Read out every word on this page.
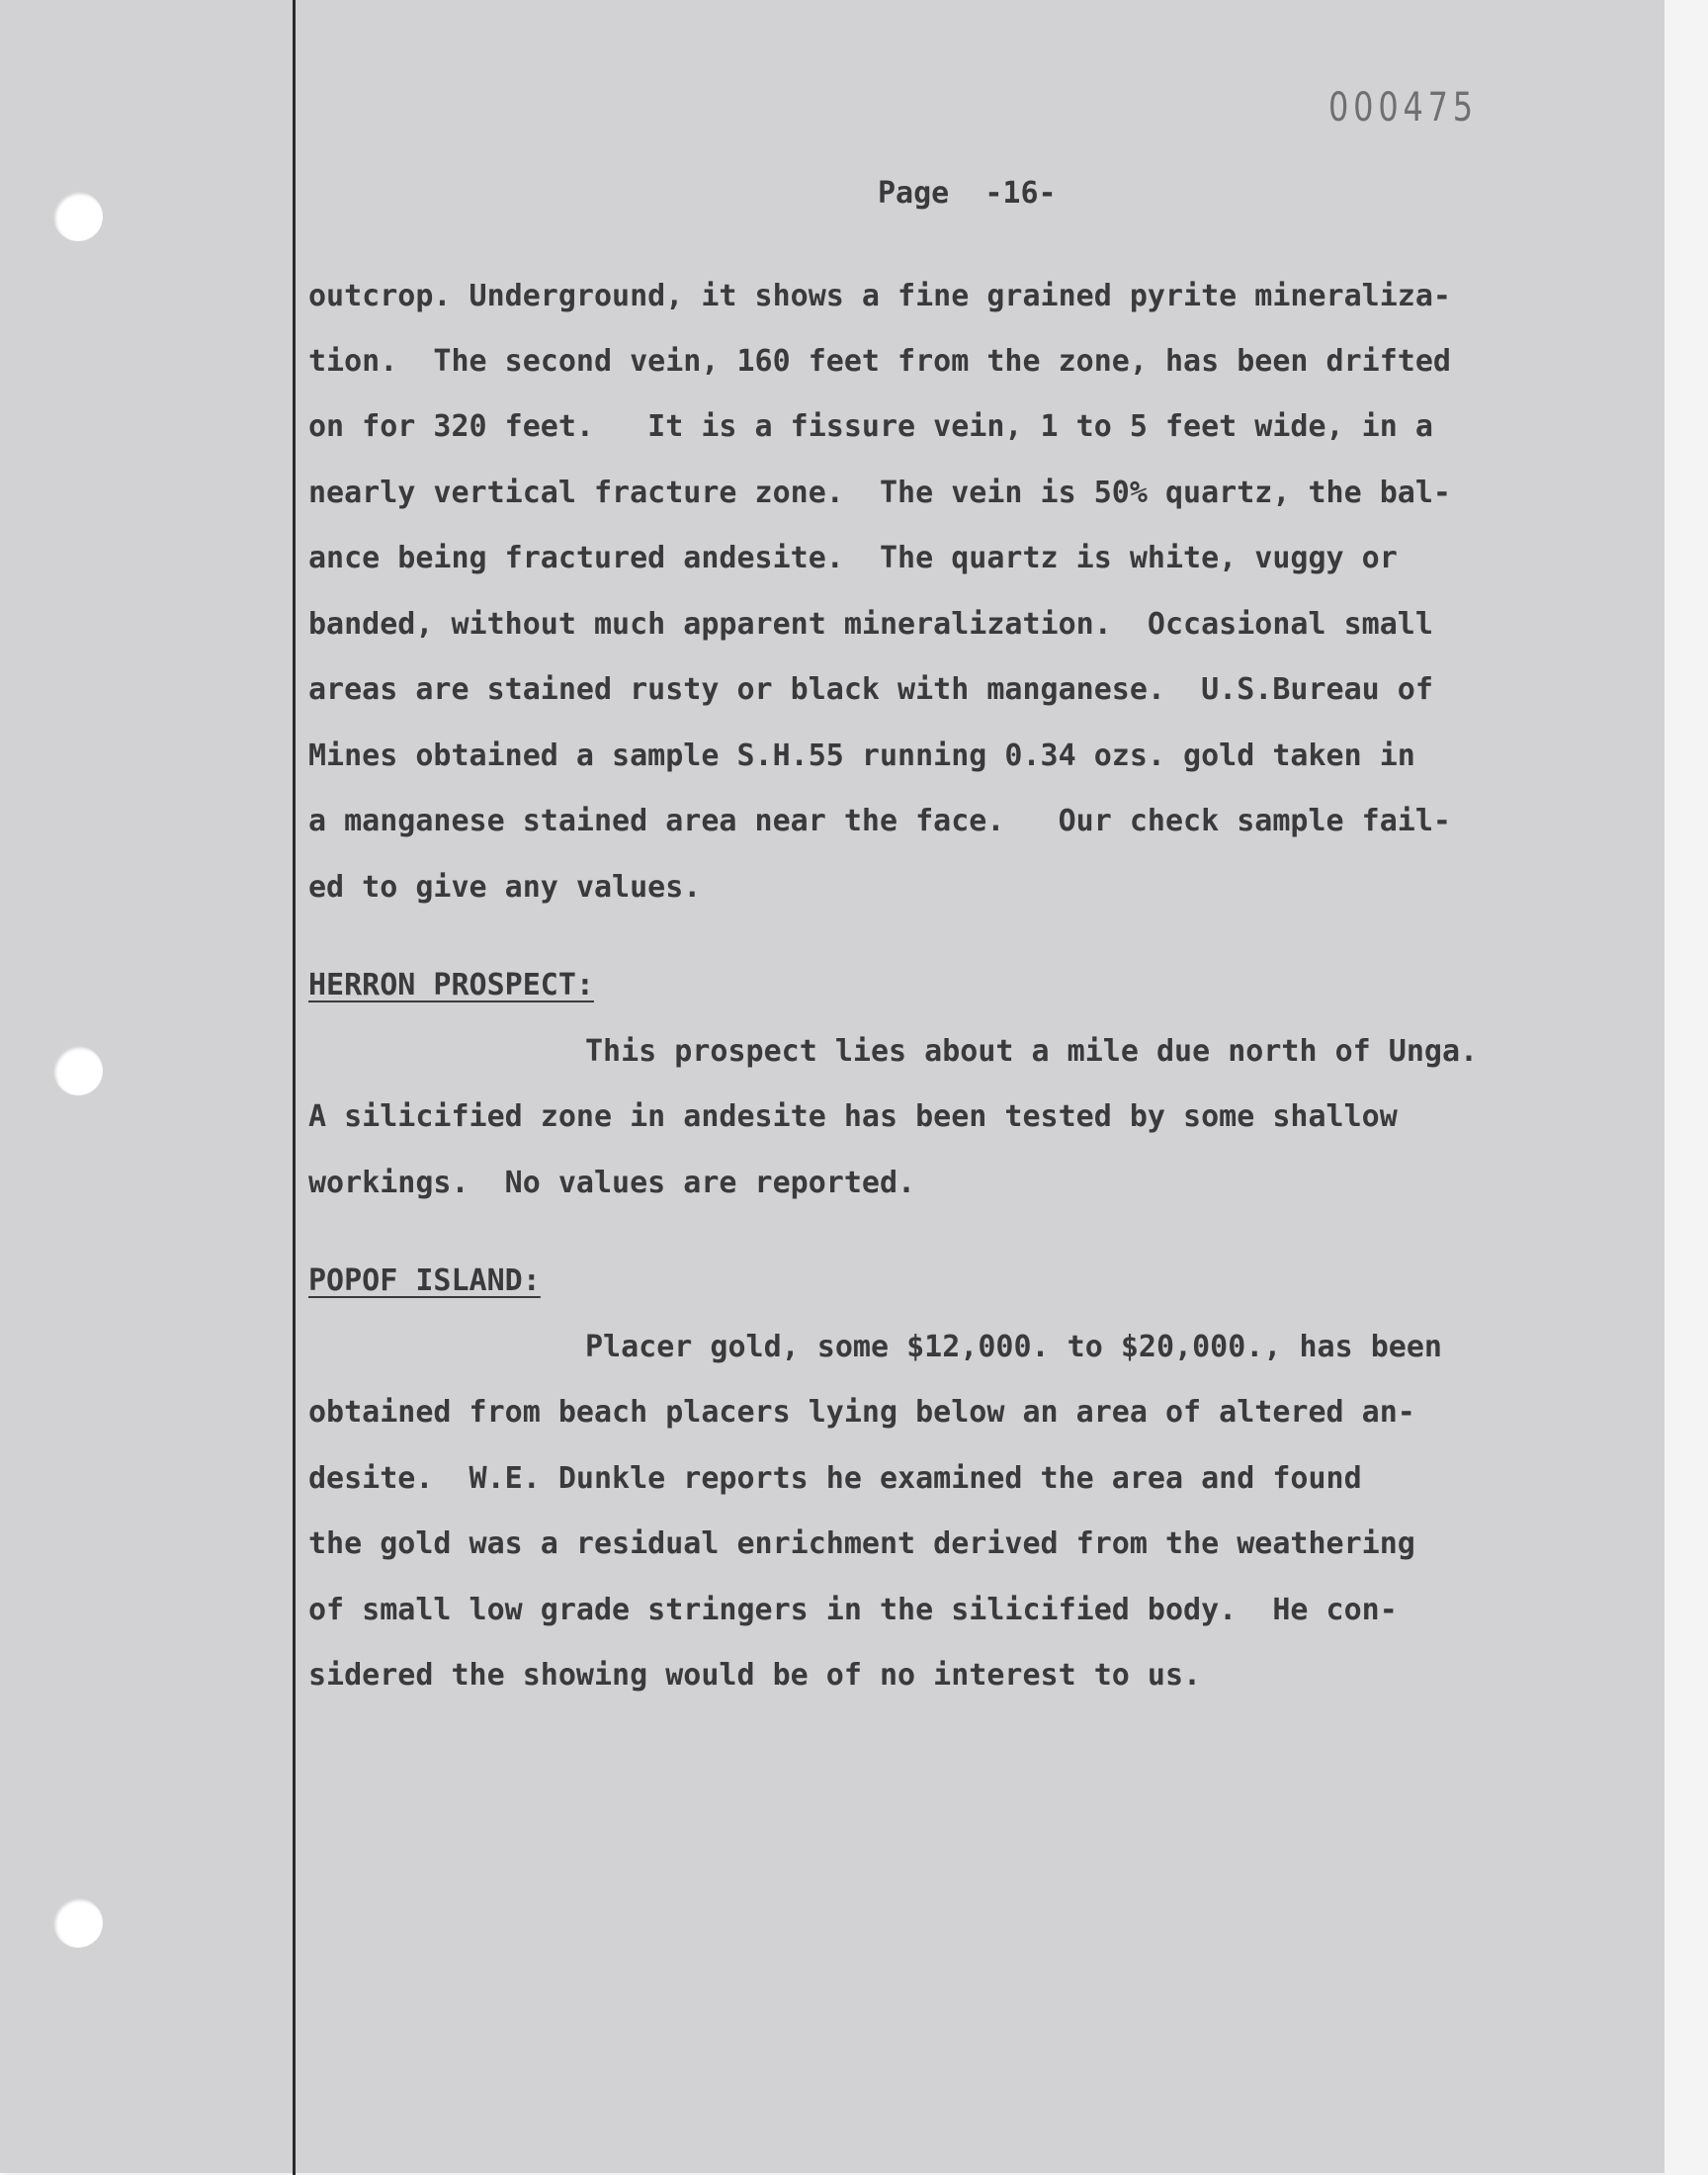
000475
Page  -16-
outcrop. Underground, it shows a fine grained pyrite mineraliza-
tion.  The second vein, 160 feet from the zone, has been drifted
on for 320 feet.   It is a fissure vein, 1 to 5 feet wide, in a
nearly vertical fracture zone.  The vein is 50% quartz, the bal-
ance being fractured andesite.  The quartz is white, vuggy or
banded, without much apparent mineralization.  Occasional small
areas are stained rusty or black with manganese.  U.S.Bureau of
Mines obtained a sample S.H.55 running 0.34 ozs. gold taken in
a manganese stained area near the face.   Our check sample fail-
ed to give any values.
HERRON PROSPECT:
This prospect lies about a mile due north of Unga.
A silicified zone in andesite has been tested by some shallow
workings.  No values are reported.
POPOF ISLAND:
Placer gold, some $12,000. to $20,000., has been
obtained from beach placers lying below an area of altered an-
desite.  W.E. Dunkle reports he examined the area and found
the gold was a residual enrichment derived from the weathering
of small low grade stringers in the silicified body.  He con-
sidered the showing would be of no interest to us.
